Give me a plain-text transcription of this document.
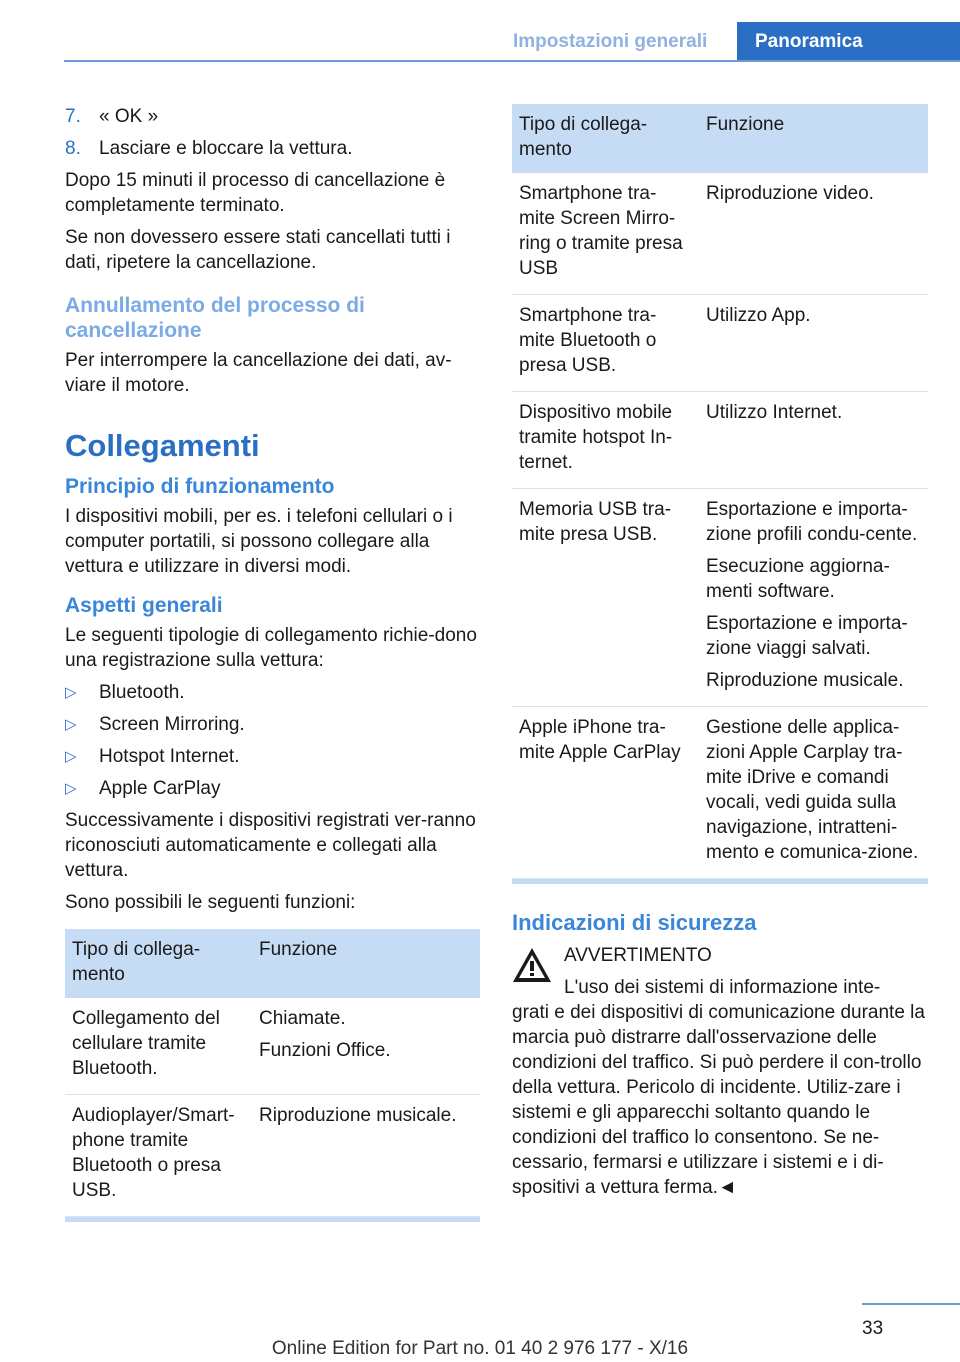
Impostazioni generali	Panoramica
7. « OK »
8. Lasciare e bloccare la vettura.

Dopo 15 minuti il processo di cancellazione è completamente terminato.

Se non dovessero essere stati cancellati tutti i dati, ripetere la cancellazione.

Annullamento del processo di cancellazione

Per interrompere la cancellazione dei dati, av-viare il motore.

Collegamenti
Principio di funzionamento

I dispositivi mobili, per es. i telefoni cellulari o i computer portatili, si possono collegare alla vettura e utilizzare in diversi modi.

Aspetti generali

Le seguenti tipologie di collegamento richie-dono una registrazione sulla vettura:

▷ Bluetooth.
▷ Screen Mirroring.
▷ Hotspot Internet.
▷ Apple CarPlay

Successivamente i dispositivi registrati ver-ranno riconosciuti automaticamente e collegati alla vettura.

Sono possibili le seguenti funzioni:

Tipo di collega-mento	Funzione
Collegamento del cellulare tramite Bluetooth.	Chiamate.

Funzioni Office.

Audioplayer/Smart-phone tramite Bluetooth o presa USB.	Riproduzione musicale.

Tipo di collega-mento	Funzione
Smartphone tra-mite Screen Mirro-ring o tramite presa USB	Riproduzione video.

Smartphone tra-mite Bluetooth o presa USB.	Utilizzo App.

Dispositivo mobile tramite hotspot In-ternet.	Utilizzo Internet.

Memoria USB tra-mite presa USB.	Esportazione e importa-zione profili condu-cente.

Esecuzione aggiorna-menti software.

Esportazione e importa-zione viaggi salvati.

Riproduzione musicale.

Apple iPhone tra-mite Apple CarPlay	Gestione delle applica-zioni Apple Carplay tra-mite iDrive e comandi vocali, vedi guida sulla navigazione, intratteni-mento e comunica-zione.

Indicazioni di sicurezza

AVVERTIMENTO

L'uso dei sistemi di informazione inte-

grati e dei dispositivi di comunicazione durante la marcia può distrarre dall'osservazione delle condizioni del traffico. Si può perdere il con-trollo della vettura. Pericolo di incidente. Utiliz-zare i sistemi e gli apparecchi soltanto quando le condizioni del traffico lo consentono. Se ne-cessario, fermarsi e utilizzare i sistemi e i di-spositivi a vettura ferma.◄

33
Online Edition for Part no. 01 40 2 976 177 - X/16
